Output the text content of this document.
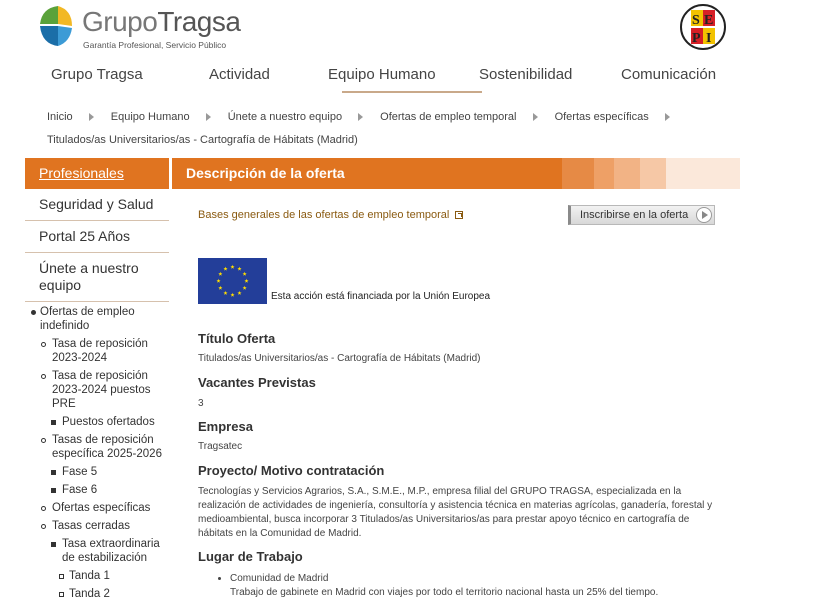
GrupoTragsa
Garantía Profesional, Servicio Público
S E
P I
Grupo Tragsa	Actividad	Equipo Humano	Sostenibilidad	Comunicación
Inicio	Equipo Humano	Únete a nuestro equipo	Ofertas de empleo temporal	Ofertas específicas
Titulados/as Universitarios/as - Cartografía de Hábitats (Madrid)
Profesionales
Seguridad y Salud
Portal 25 Años
Únete a nuestro equipo
Ofertas de empleo indefinido
Tasa de reposición 2023-2024
Tasa de reposición 2023-2024 puestos PRE
Puestos ofertados
Tasas de reposición específica 2025-2026
Fase 5
Fase 6
Ofertas específicas
Tasas cerradas
Tasa extraordinaria de estabilización
Tanda 1
Tanda 2
Descripción de la oferta
Bases generales de las ofertas de empleo temporal	Inscribirse en la oferta
Esta acción está financiada por la Unión Europea
Título Oferta
Titulados/as Universitarios/as - Cartografía de Hábitats (Madrid)
Vacantes Previstas
3
Empresa
Tragsatec
Proyecto/ Motivo contratación
Tecnologías y Servicios Agrarios, S.A., S.M.E., M.P., empresa filial del GRUPO TRAGSA, especializada en la realización de actividades de ingeniería, consultoría y asistencia técnica en materias agrícolas, ganadería, forestal y medioambiental, busca incorporar 3 Titulados/as Universitarios/as para prestar apoyo técnico en cartografía de hábitats en la Comunidad de Madrid.
Lugar de Trabajo
Comunidad de Madrid
Trabajo de gabinete en Madrid con viajes por todo el territorio nacional hasta un 25% del tiempo.
